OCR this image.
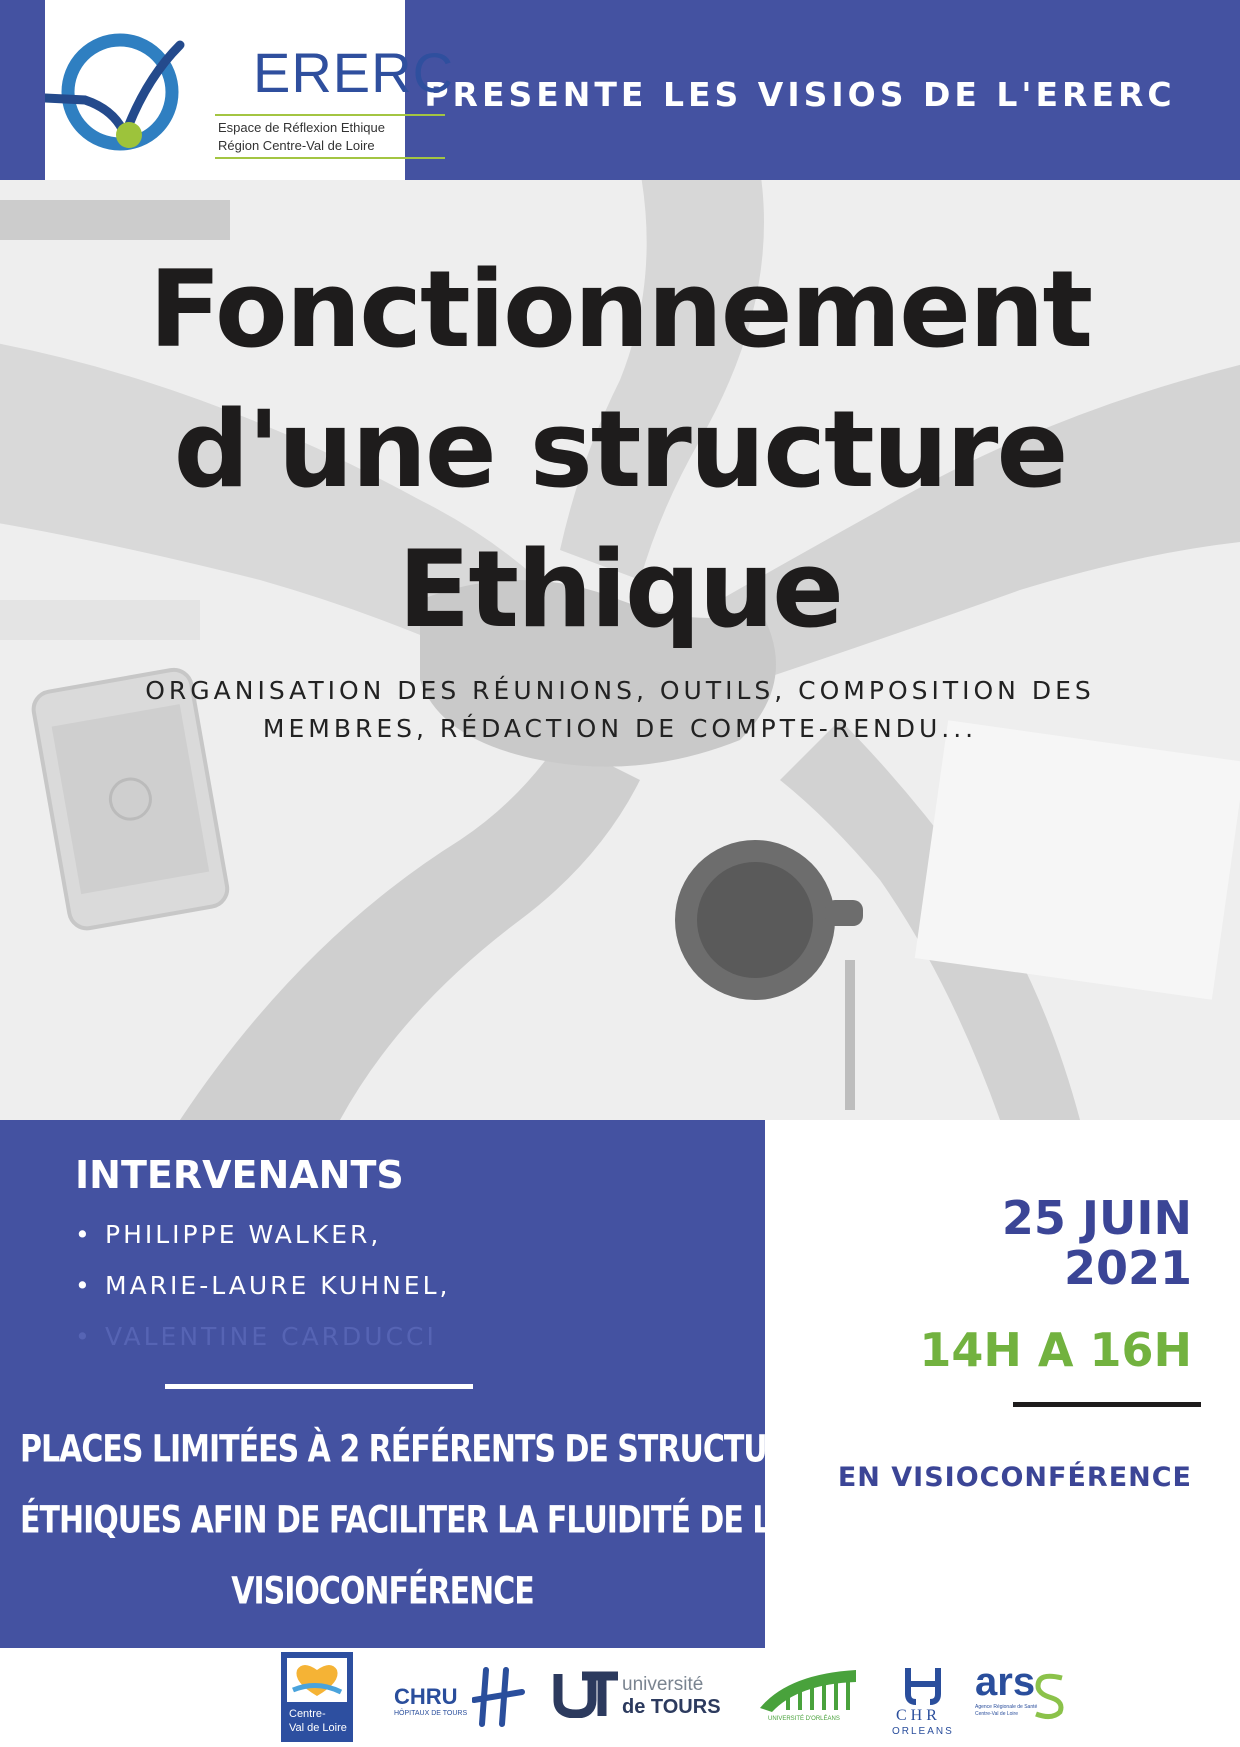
PRESENTE LES VISIOS DE L'ERERC
ERERC
Espace de Réflexion Ethique
Région Centre-Val de Loire
Fonctionnement
d'une structure
Ethique
ORGANISATION DES RÉUNIONS, OUTILS, COMPOSITION DES
MEMBRES, RÉDACTION DE COMPTE-RENDU...
INTERVENANTS
• PHILIPPE WALKER,
• MARIE-LAURE KUHNEL,
• VALENTINE CARDUCCI
PLACES LIMITÉES À 2 RÉFÉRENTS DE STRUCTURES
ÉTHIQUES AFIN DE FACILITER LA FLUIDITÉ DE LA
VISIOCONFÉRENCE
25 JUIN
2021
14H A 16H
EN VISIOCONFÉRENCE
Centre-
Val de Loire
CHRU
HÔPITAUX DE TOURS
université
de TOURS
UNIVERSITÉ D'ORLÉANS	CHR
ORLEANS
ars
Agence Régionale de Santé
Centre-Val de Loire
